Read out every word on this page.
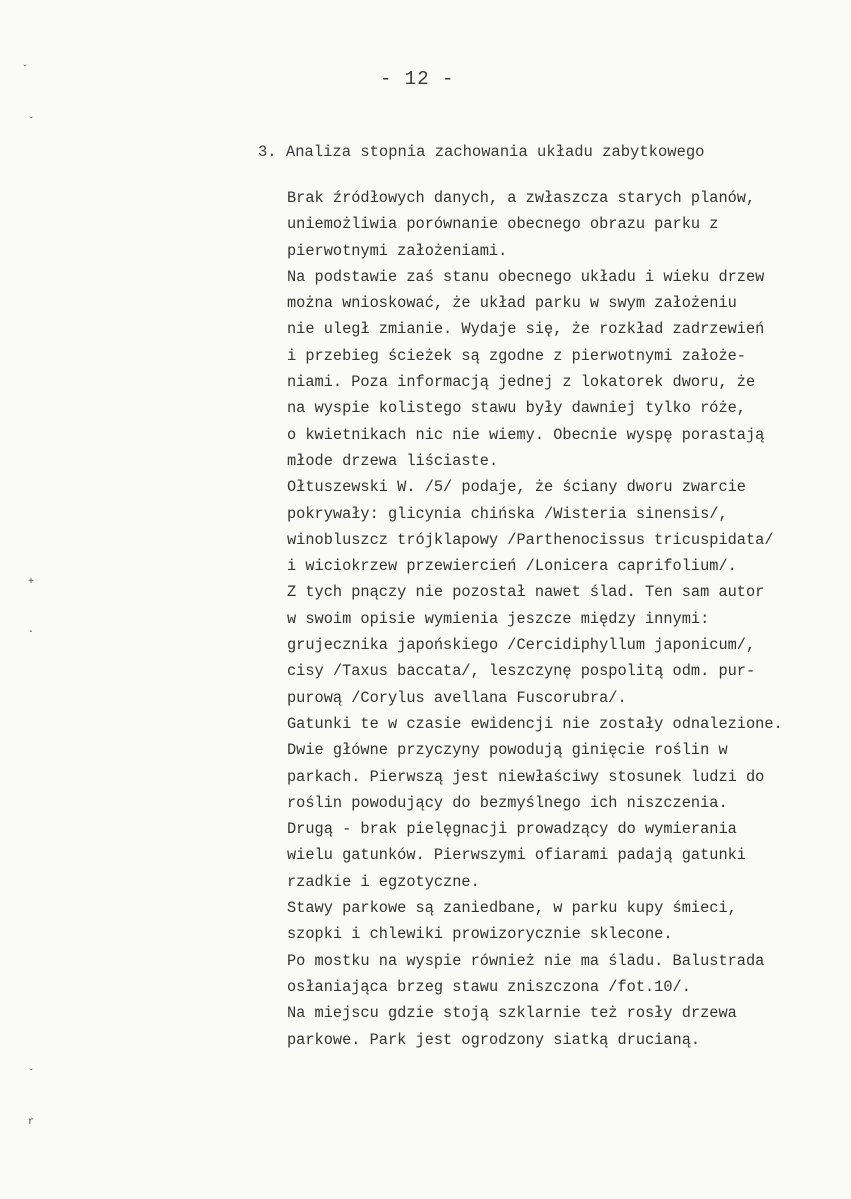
ˇ
ˇ
+
·
ˇ
r
- 12 -
3. Analiza stopnia zachowania układu zabytkowego
Brak źródłowych danych, a zwłaszcza starych planów,
uniemożliwia porównanie obecnego obrazu parku z
pierwotnymi założeniami.
Na podstawie zaś stanu obecnego układu i wieku drzew
można wnioskować, że układ parku w swym założeniu
nie uległ zmianie. Wydaje się, że rozkład zadrzewień
i przebieg ścieżek są zgodne z pierwotnymi założe-
niami. Poza informacją jednej z lokatorek dworu, że
na wyspie kolistego stawu były dawniej tylko róże,
o kwietnikach nic nie wiemy. Obecnie wyspę porastają
młode drzewa liściaste.
Ołtuszewski W. /5/ podaje, że ściany dworu zwarcie
pokrywały: glicynia chińska /Wisteria sinensis/,
winobluszcz trójklapowy /Parthenocissus tricuspidata/
i wiciokrzew przewiercień /Lonicera caprifolium/.
Z tych pnączy nie pozostał nawet ślad. Ten sam autor
w swoim opisie wymienia jeszcze między innymi:
grujecznika japońskiego /Cercidiphyllum japonicum/,
cisy /Taxus baccata/, leszczynę pospolitą odm. pur-
purową /Corylus avellana Fuscorubra/.
Gatunki te w czasie ewidencji nie zostały odnalezione.
Dwie główne przyczyny powodują ginięcie roślin w
parkach. Pierwszą jest niewłaściwy stosunek ludzi do
roślin powodujący do bezmyślnego ich niszczenia.
Drugą - brak pielęgnacji prowadzący do wymierania
wielu gatunków. Pierwszymi ofiarami padają gatunki
rzadkie i egzotyczne.
Stawy parkowe są zaniedbane, w parku kupy śmieci,
szopki i chlewiki prowizorycznie sklecone.
Po mostku na wyspie również nie ma śladu. Balustrada
osłaniająca brzeg stawu zniszczona /fot.10/.
Na miejscu gdzie stoją szklarnie też rosły drzewa
parkowe. Park jest ogrodzony siatką drucianą.
